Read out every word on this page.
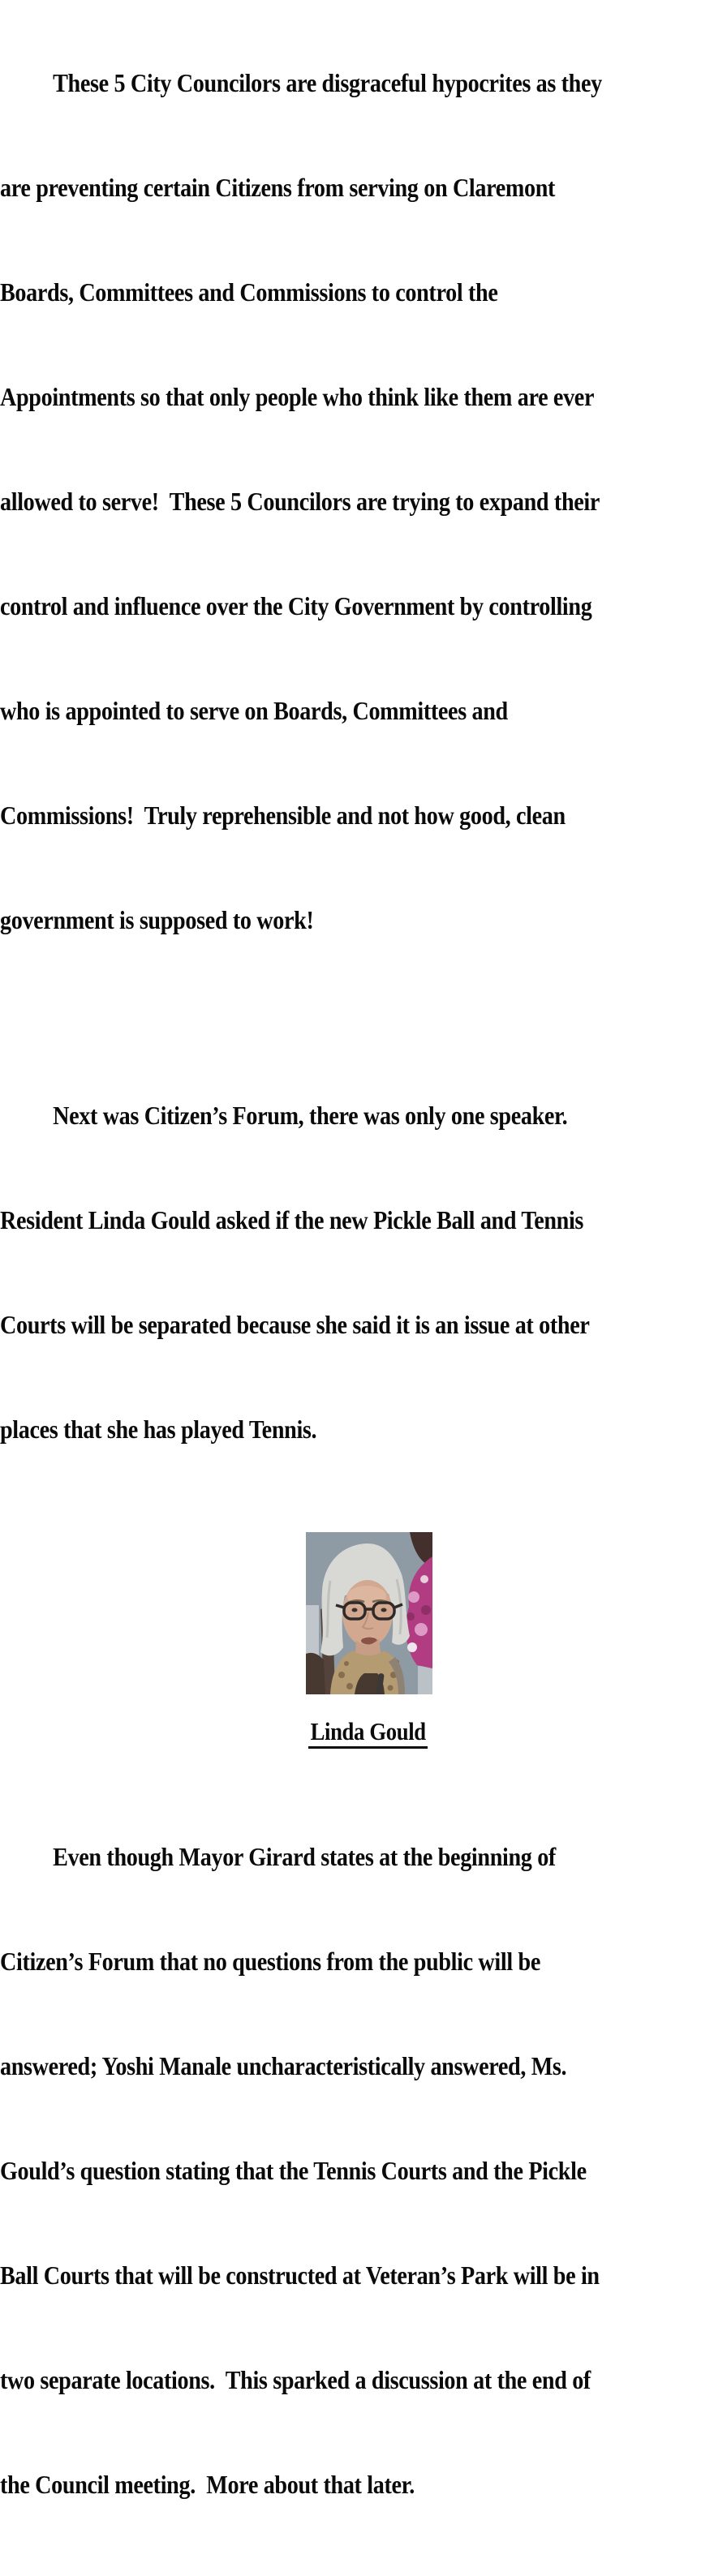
These 5 City Councilors are disgraceful hypocrites as they

are preventing certain Citizens from serving on Claremont

Boards, Committees and Commissions to control the

Appointments so that only people who think like them are ever

allowed to serve!  These 5 Councilors are trying to expand their

control and influence over the City Government by controlling

who is appointed to serve on Boards, Committees and

Commissions!  Truly reprehensible and not how good, clean

government is supposed to work!

Next was Citizen’s Forum, there was only one speaker.

Resident Linda Gould asked if the new Pickle Ball and Tennis

Courts will be separated because she said it is an issue at other

places that she has played Tennis.

Linda Gould

Even though Mayor Girard states at the beginning of

Citizen’s Forum that no questions from the public will be

answered; Yoshi Manale uncharacteristically answered, Ms.

Gould’s question stating that the Tennis Courts and the Pickle

Ball Courts that will be constructed at Veteran’s Park will be in

two separate locations.  This sparked a discussion at the end of

the Council meeting.  More about that later.
